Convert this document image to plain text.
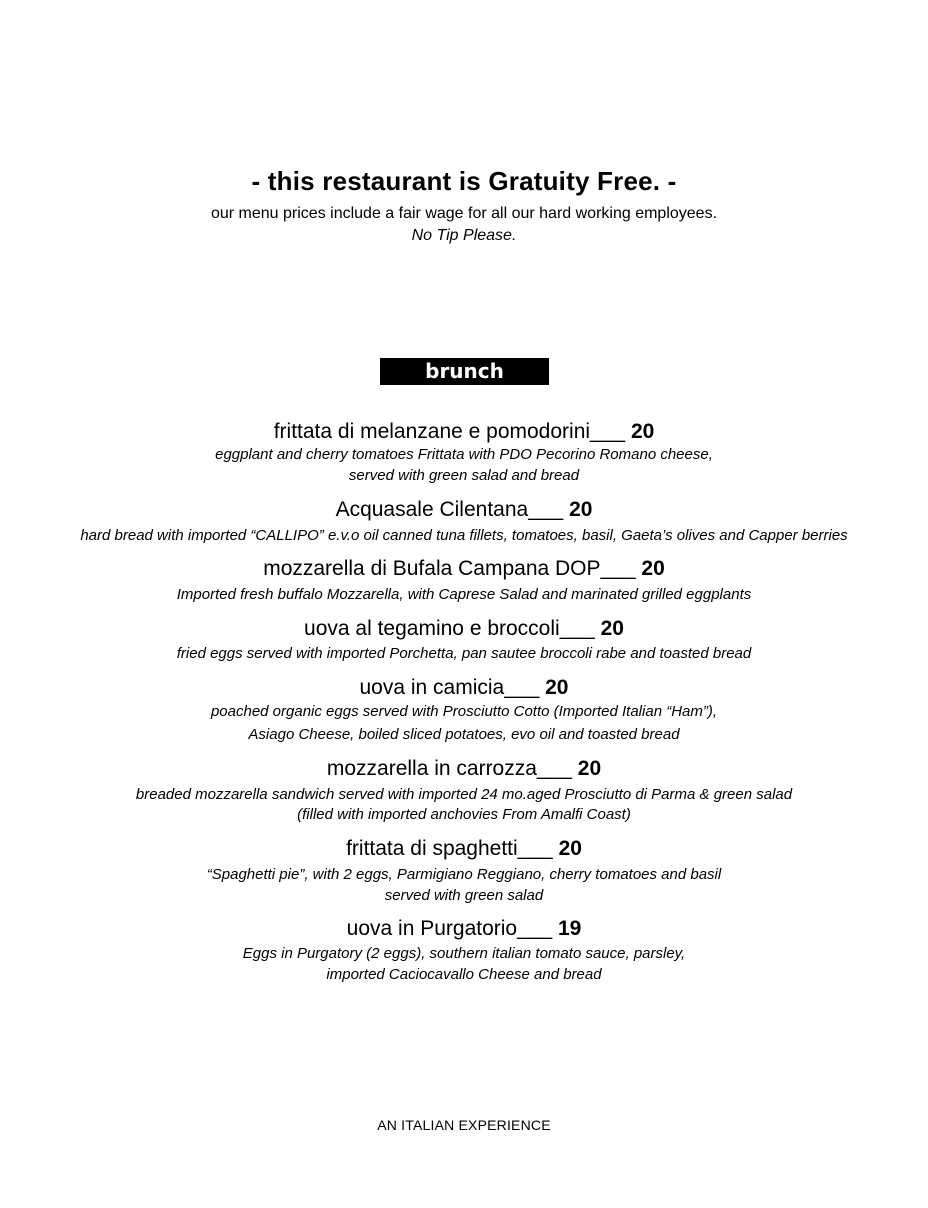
- this restaurant is Gratuity Free. -
our menu prices include a fair wage for all our hard working employees.
No Tip Please.
brunch
frittata di melanzane e pomodorini___ 20
eggplant and cherry tomatoes Frittata with PDO Pecorino Romano cheese,
served with green salad and bread
Acquasale Cilentana___ 20
hard bread with imported “CALLIPO” e.v.o oil canned tuna fillets, tomatoes, basil, Gaeta’s olives and Capper berries
mozzarella di Bufala Campana DOP___ 20
Imported fresh buffalo Mozzarella, with Caprese Salad and marinated grilled eggplants
uova al tegamino e broccoli___ 20
fried eggs served with imported Porchetta, pan sautee broccoli rabe and toasted bread
uova in camicia___ 20
poached organic eggs served with Prosciutto Cotto (Imported Italian “Ham”),
Asiago Cheese, boiled sliced potatoes, evo oil and toasted bread
mozzarella in carrozza___ 20
breaded mozzarella sandwich served with imported 24 mo.aged Prosciutto di Parma & green salad
(filled with imported anchovies From Amalfi Coast)
frittata di spaghetti___ 20
“Spaghetti pie”, with 2 eggs, Parmigiano Reggiano, cherry tomatoes and basil
served with green salad
uova in Purgatorio___ 19
Eggs in Purgatory (2 eggs), southern italian tomato sauce, parsley,
imported Caciocavallo Cheese and bread
AN ITALIAN EXPERIENCE
